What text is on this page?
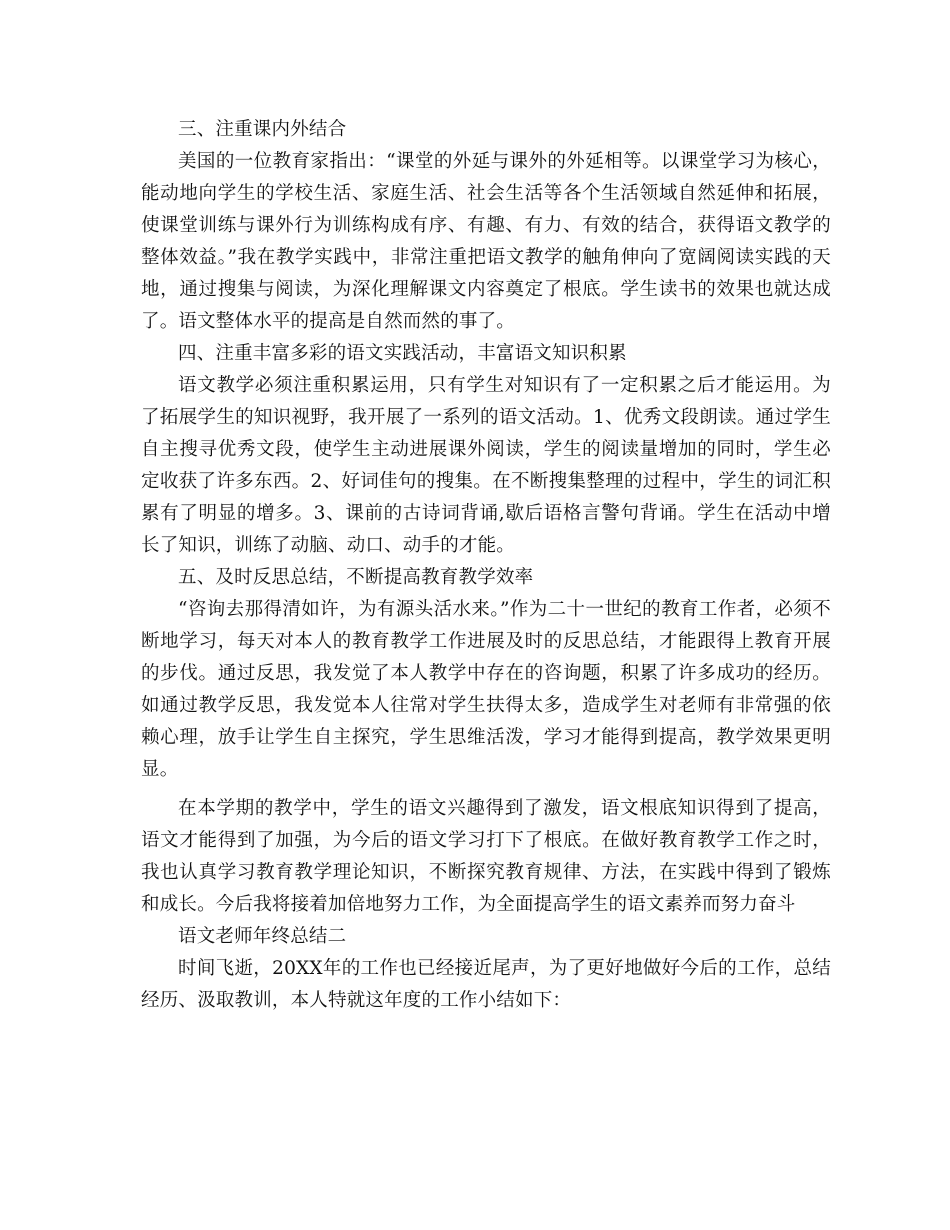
三、注重课内外结合

美国的一位教育家指出：“课堂的外延与课外的外延相等。以课堂学习为核心，能动地向学生的学校生活、家庭生活、社会生活等各个生活领域自然延伸和拓展，使课堂训练与课外行为训练构成有序、有趣、有力、有效的结合，获得语文教学的整体效益。”我在教学实践中，非常注重把语文教学的触角伸向了宽阔阅读实践的天地，通过搜集与阅读，为深化理解课文内容奠定了根底。学生读书的效果也就达成了。语文整体水平的提高是自然而然的事了。

四、注重丰富多彩的语文实践活动，丰富语文知识积累

语文教学必须注重积累运用，只有学生对知识有了一定积累之后才能运用。为了拓展学生的知识视野，我开展了一系列的语文活动。1、优秀文段朗读。通过学生自主搜寻优秀文段，使学生主动进展课外阅读，学生的阅读量增加的同时，学生必定收获了许多东西。2、好词佳句的搜集。在不断搜集整理的过程中，学生的词汇积累有了明显的增多。3、课前的古诗词背诵,歇后语格言警句背诵。学生在活动中增长了知识，训练了动脑、动口、动手的才能。

五、及时反思总结，不断提高教育教学效率

“咨询去那得清如许，为有源头活水来。”作为二十一世纪的教育工作者，必须不断地学习，每天对本人的教育教学工作进展及时的反思总结，才能跟得上教育开展的步伐。通过反思，我发觉了本人教学中存在的咨询题，积累了许多成功的经历。如通过教学反思，我发觉本人往常对学生扶得太多，造成学生对老师有非常强的依赖心理，放手让学生自主探究，学生思维活泼，学习才能得到提高，教学效果更明显。

在本学期的教学中，学生的语文兴趣得到了激发，语文根底知识得到了提高，语文才能得到了加强，为今后的语文学习打下了根底。在做好教育教学工作之时，我也认真学习教育教学理论知识，不断探究教育规律、方法，在实践中得到了锻炼和成长。今后我将接着加倍地努力工作，为全面提高学生的语文素养而努力奋斗

语文老师年终总结二

时间飞逝，20XX年的工作也已经接近尾声，为了更好地做好今后的工作，总结经历、汲取教训，本人特就这年度的工作小结如下：
